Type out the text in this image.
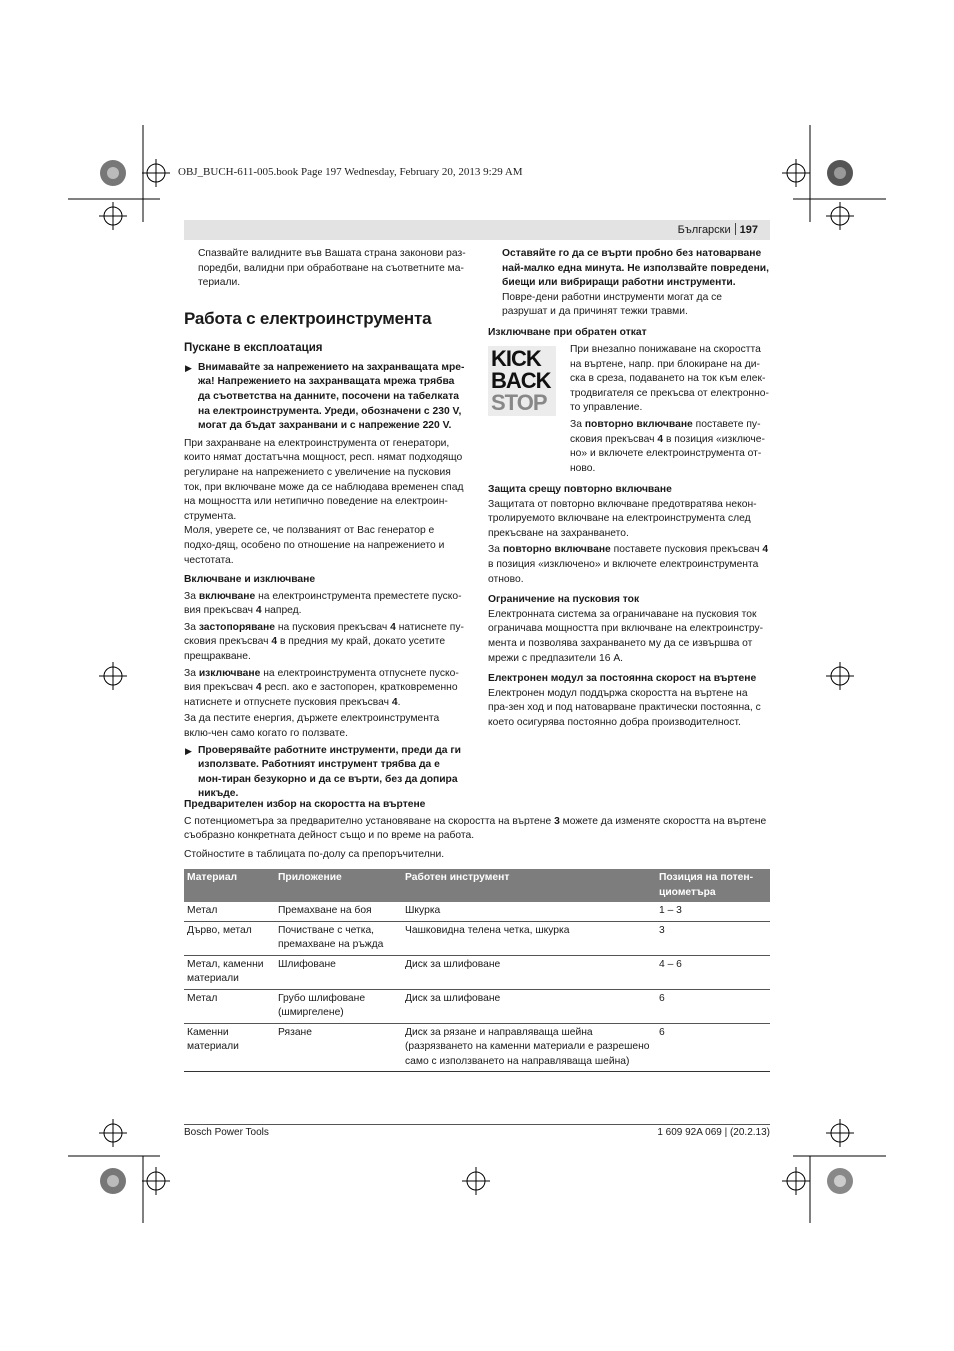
OBJ_BUCH-611-005.book Page 197 Wednesday, February 20, 2013 9:29 AM
Български 197

Спазвайте валидните във Вашата страна законови раз-поредби, валидни при обработване на съответните ма-териали.

Работа с електроинструмента
Пускане в експлоатация

▶ Внимавайте за напрежението на захранващата мре-жа! Напрежението на захранващата мрежа трябва да съответства на данните, посочени на табелката на електроинструмента. Уреди, обозначени с 230 V, могат да бъдат захранвани и с напрежение 220 V.

При захранване на електроинструмента от генератори, които нямат достатъчна мощност, респ. нямат подходящо регулиране на напрежението с увеличение на пусковия ток, при включване може да се наблюдава временен спад на мощността или нетипично поведение на електроин-струмента.

Моля, уверете се, че ползваният от Вас генератор е подхо-дящ, особено по отношение на напрежението и честотата.

Включване и изключване

За включване на електроинструмента преместете пуско-вия прекъсвач 4 напред.

За застопоряване на пусковия прекъсвач 4 натиснете пу-сковия прекъсвач 4 в предния му край, докато усетите прещракване.

За изключване на електроинструмента отпуснете пуско-вия прекъсвач 4 респ. ако е застопорен, кратковременно натиснете и отпуснете пусковия прекъсвач 4.

За да пестите енергия, държете електроинструмента вклю-чен само когато го ползвате.

▶ Проверявайте работните инструменти, преди да ги използвате. Работният инструмент трябва да е мон-тиран безукорно и да се върти, без да допира никъде.

Оставяйте го да се върти пробно без натоварване най-малко една минута. Не използвайте повредени, биещи или вибриращи работни инструменти. Повре-дени работни инструменти могат да се разрушат и да причинят тежки травми.

Изключване при обратен откат
KICK
BACK
STOP

При внезапно понижаване на скоростта на въртене, напр. при блокиране на ди-ска в среза, подаването на ток към елек-тродвигателя се прекъсва от електронно-то управление.

За повторно включване поставете пу-сковия прекъсвач 4 в позиция «изключе-но» и включете електроинструмента от-ново.

Защита срещу повторно включване

Защитата от повторно включване предотвратява некон-тролируемото включване на електроинструмента след прекъсване на захранването.

За повторно включване поставете пусковия прекъсвач 4 в позиция «изключено» и включете електроинструмента отново.

Ограничение на пусковия ток

Електронната система за ограничаване на пусковия ток ограничава мощността при включване на електроинстру-мента и позволява захранването му да се извършва от мрежи с предпазители 16 A.

Електронен модул за постоянна скорост на въртене

Електронен модул поддържа скоростта на въртене на пра-зен ход и под натоварване практически постоянна, с което осигурява постоянно добра производителност.

Предварителен избор на скоростта на въртене

С потенциометъра за предварително установяване на скоростта на въртене 3 можете да изменяте скоростта на въртене съобразно конкретната дейност също и по време на работа.

Стойностите в таблицата по-долу са препоръчителни.

Материал	Приложение	Работен инструмент	Позиция на потен-циометъра
Метал	Премахване на боя	Шкурка	1 – 3
Дърво, метал	Почистване с четка, премахване на ръжда	Чашковидна телена четка, шкурка	3
Метал, каменни материали	Шлифоване	Диск за шлифоване	4 – 6
Метал	Грубо шлифоване (шмиргелене)	Диск за шлифоване	6
Каменни материали	Рязане	Диск за рязане и направляваща шейна (разрязването на каменни материали е разрешено само с използването на направляваща шейна)	6
Bosch Power Tools	1 609 92A 069 | (20.2.13)
